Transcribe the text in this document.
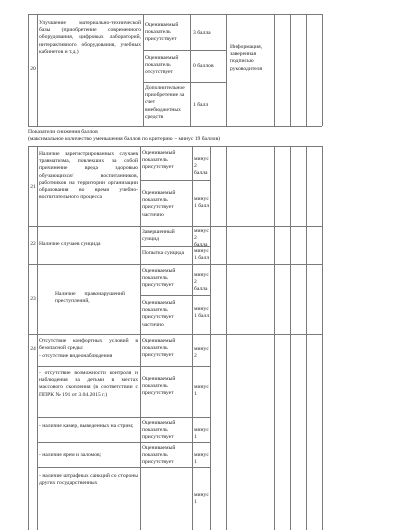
20

Улучшение материально-технической базы (приобретение современного оборудования, цифровых лабораторий, интерактивного оборудования, учебных кабинетов и т.д.)

Оцениваемый показатель присутствует

3 балла

Оцениваемый показатель отсутствует

0 баллов

Дополнительное приобретение за счет внебюджетных средств

1 балл

Информация, заверенная подписью руководителя

Показатели снижения баллов

(максимальное количество уменьшения баллов по критерию − минус 19 баллов)

21

Наличие зарегистрированных случаев травматизма, повлекших за собой причинение вреда здоровью обучающихся/ воспитанников, работников на территории организации образования во время учебно-воспитательного процесса

Оцениваемый показатель присутствует

минус 2 балла

Оцениваемый показатель присутствует частично

минус 1 балл

22 Наличие случаев суицида

Завершенный суицид

минус 2 балла

Попытка суицида	минус 1 балл

23

Наличие правонарушений преступлений,

Оцениваемый показатель присутствует

минус 2 балла

Оцениваемый показатель присутствует частично

минус 1 балл

24

Отсутствие конфортных условий в безопасной среды:

- отсутствие видеонаблюдения

Оцениваемый показатель присутствует

минус 2

- отсутствие возможности контроля и наблюдения за детьми в местах массового скопления (в соответствии с ППРК № 191 от 3.04.2015 г.)

Оцениваемый показатель присутствует

минус 1

- наличие камер, выведенных на стрим;	Оцениваемый показатель присутствует

минус 1

- наличие ярем и заломов;

Оцениваемый показатель присутствует

минус 1

- наличие штрафных санкций со стороны других государственных

минус 1
